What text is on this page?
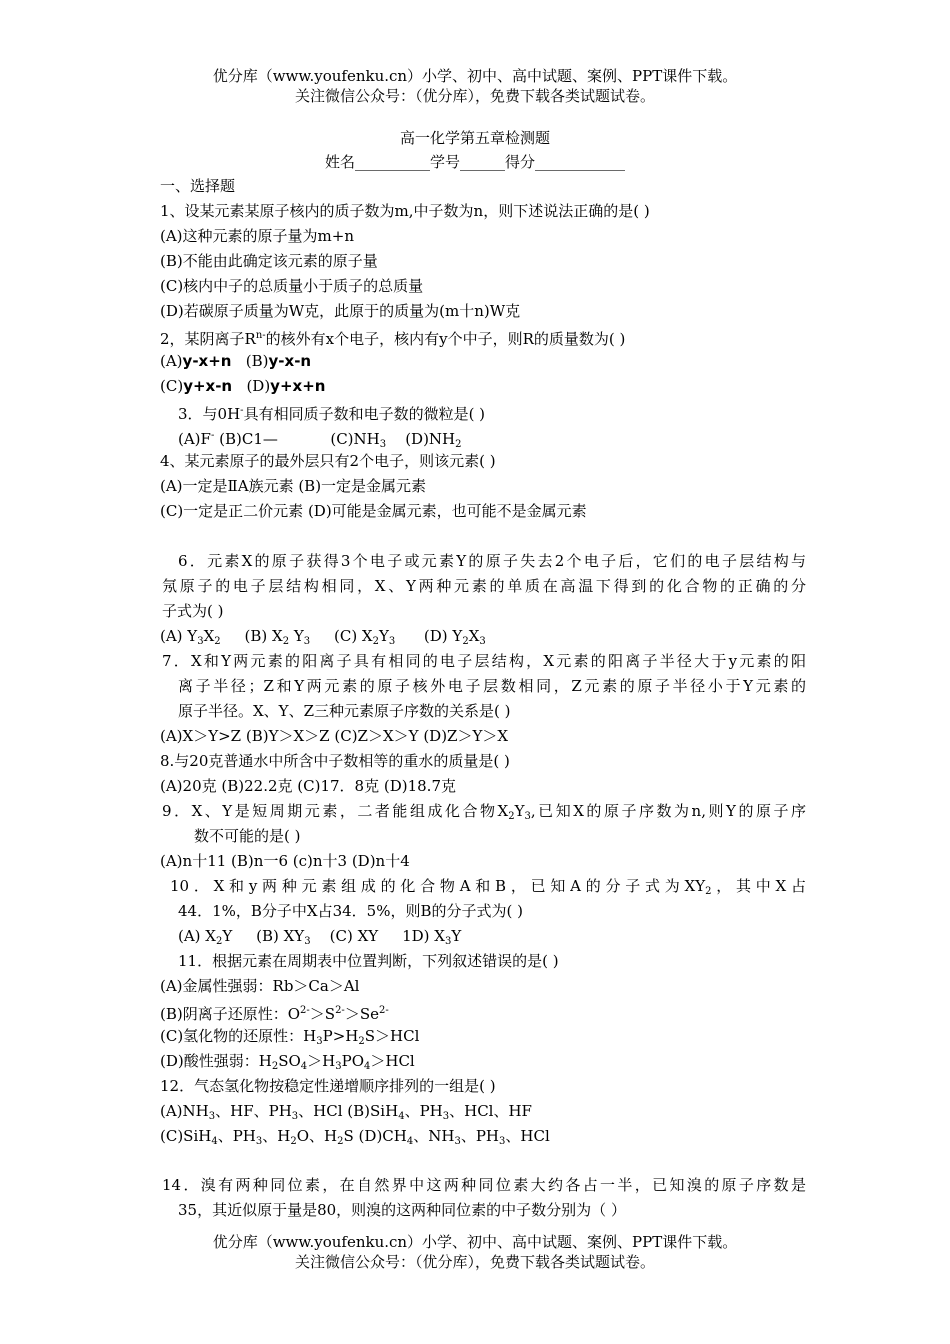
优分库（www.youfenku.cn）小学、初中、高中试题、案例、PPT课件下载。
关注微信公众号：（优分库），免费下载各类试题试卷。
高一化学第五章检测题
姓名__________学号______得分____________
一、选择题
1、设某元素某原子核内的质子数为m,中子数为n，则下述说法正确的是( )
(A)这种元素的原子量为m+n
(B)不能由此确定该元素的原子量
(C)核内中子的总质量小于质子的总质量
(D)若碳原子质量为W克，此原于的质量为(m十n)W克
2，某阴离子$R^{n-}$的核外有x个电子，核内有y个中子，则R的质量数为( )
(A)y-x+n (B)y-x-n
(C)y+x-n (D)y+x+n
3．与0H-具有相同质子数和电子数的微粒是( )
(A)F- (B)C1—	$(C)NH_3$ $(D)NH_2$
4、某元素原子的最外层只有2个电子，则该元素( )
(A)一定是ⅡA族元素 (B)一定是金属元素
(C)一定是正二价元素 (D)可能是金属元素，也可能不是金属元素
6．元素X的原子获得3个电子或元素Y的原子失去2个电子后，它们的电子层结构与
氖原子的电子层结构相同，X、Y两种元素的单质在高温下得到的化合物的正确的分
子式为( )
(A) $Y_3X_2$ (B) $X_2$ $Y_3$ (C) $X_2Y_3$ (D) $Y_2X_3$
7．X和Y两元素的阳离子具有相同的电子层结构，X元素的阳离子半径大于y元素的阳
离子半径；Z和Y两元素的原子核外电子层数相同，Z元素的原子半径小于Y元素的
原子半径。X、Y、Z三种元素原子序数的关系是( )
(A)X＞Y>Z (B)Y＞X＞Z (C)Z＞X＞Y (D)Z＞Y＞X
8.与20克普通水中所含中子数相等的重水的质量是( )
(A)20克 (B)22.2克 (C)17．8克 (D)18.7克
9．X、Y是短周期元素，二者能组成化合物$X_2Y_3$,已知X的原子序数为n,则Y的原子序
数不可能的是( )
(A)n十11 (B)n一6 (c)n十3 (D)n十4
10．X和y两种元素组成的化合物A和B，已知A的分子式为$XY_2$，其中X占
44．1%，B分子中X占34．5%，则B的分子式为( )
(A) $X_2Y$ (B) $XY_3$ (C) XY 1D) $X_3Y$
11．根据元素在周期表中位置判断，下列叙述错误的是( )
(A)金属性强弱：Rb＞Ca＞Al
(B)阴离子还原性：$O^{2-}>S^{2-}>Se^{2-}$
(C)氢化物的还原性：$H_3P>H_2S>HCl$
(D)酸性强弱：$H_2SO_4>H_3PO_4>HCl$
12．气态氢化物按稳定性递增顺序排列的一组是( )
$(A)NH_3$、HF、$PH_3$、HCl (B)SiH$_4$、$PH_3$、HCl、HF
(C)SiH$_4$、$PH_3$、$H_2O$、$H_2S$ $(D)CH_4$、$NH_3$、$PH_3$、HCl
14．溴有两种同位素，在自然界中这两种同位素大约各占一半，已知溴的原子序数是
35，其近似原于量是80，则溴的这两种同位素的中子数分别为（ ）
优分库（www.youfenku.cn）小学、初中、高中试题、案例、PPT课件下载。
关注微信公众号：（优分库），免费下载各类试题试卷。
